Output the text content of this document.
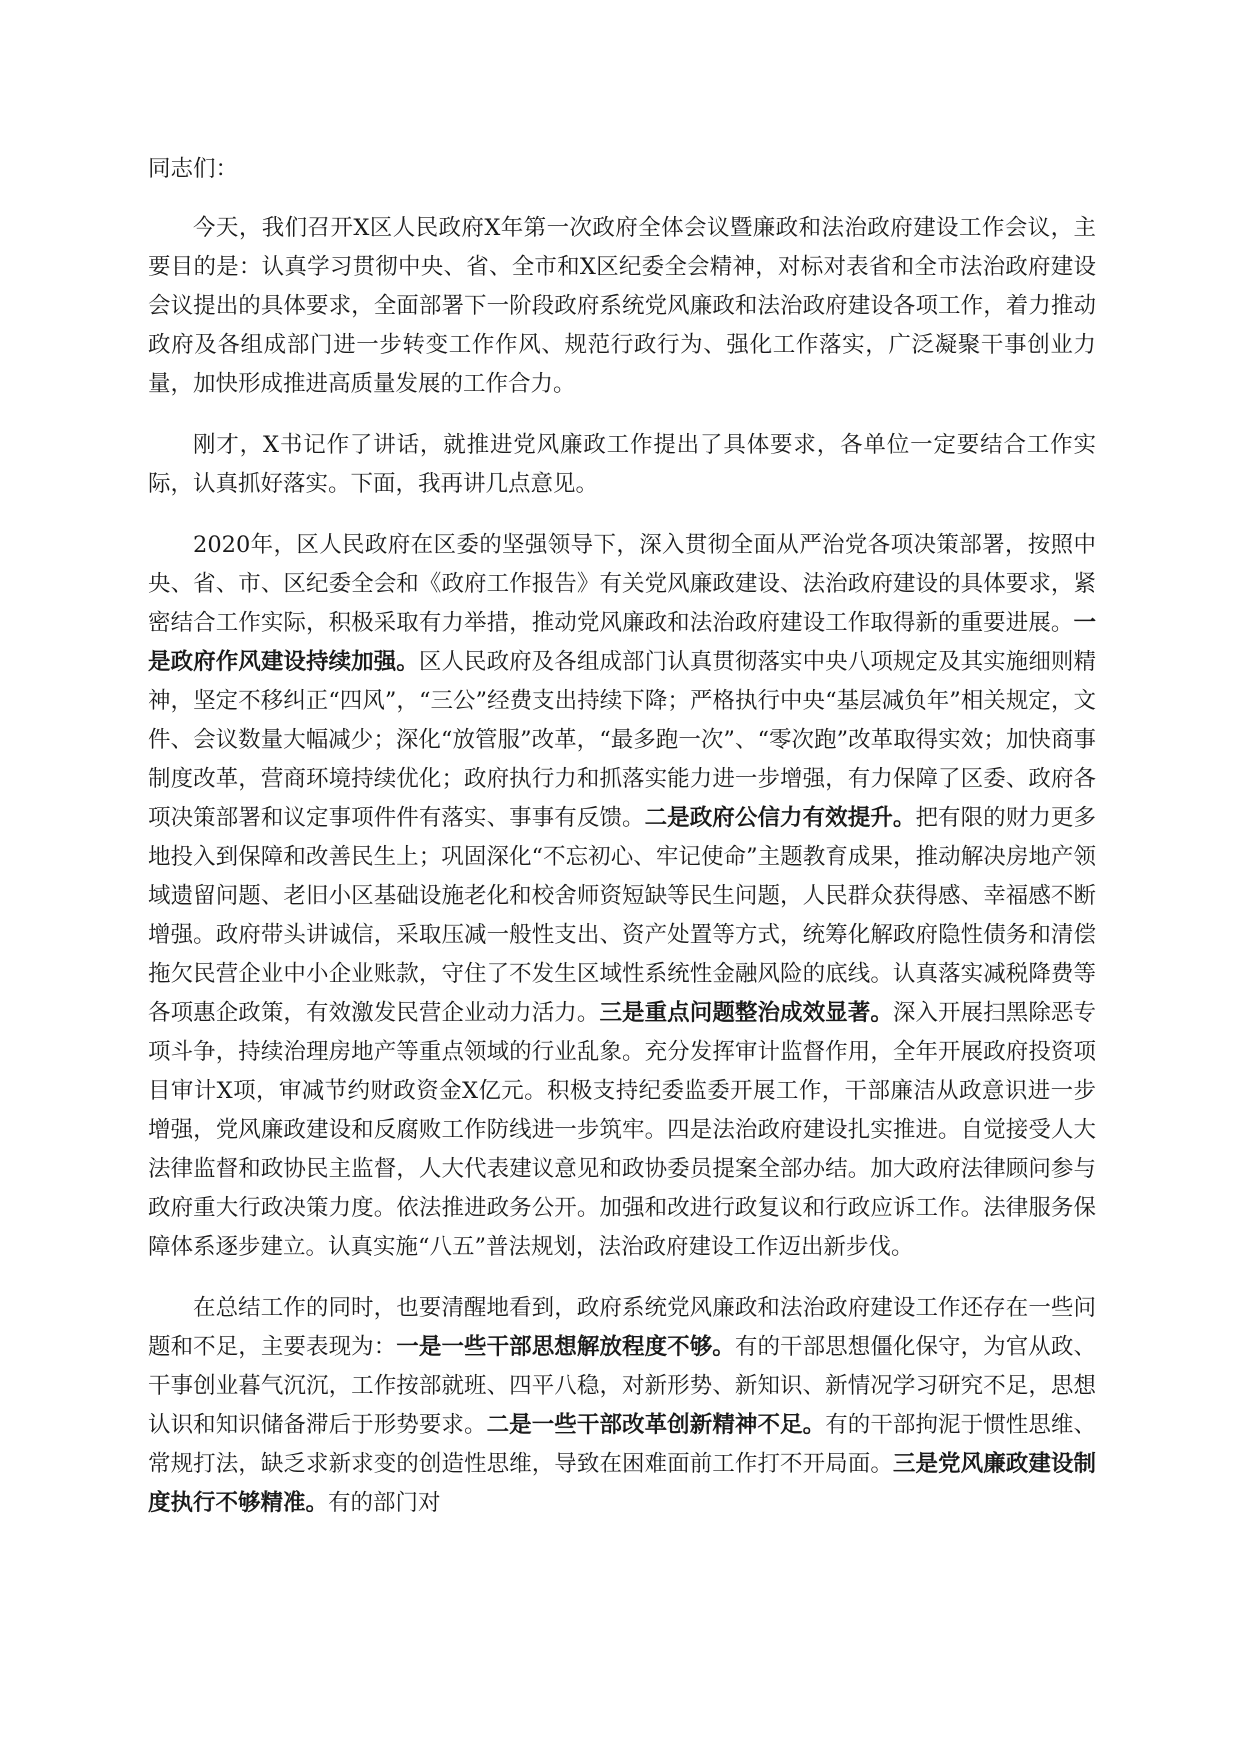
同志们：

今天，我们召开X区人民政府X年第一次政府全体会议暨廉政和法治政府建设工作会议，主要目的是：认真学习贯彻中央、省、全市和X区纪委全会精神，对标对表省和全市法治政府建设会议提出的具体要求，全面部署下一阶段政府系统党风廉政和法治政府建设各项工作，着力推动政府及各组成部门进一步转变工作作风、规范行政行为、强化工作落实，广泛凝聚干事创业力量，加快形成推进高质量发展的工作合力。

刚才，X书记作了讲话，就推进党风廉政工作提出了具体要求，各单位一定要结合工作实际，认真抓好落实。下面，我再讲几点意见。

2020年，区人民政府在区委的坚强领导下，深入贯彻全面从严治党各项决策部署，按照中央、省、市、区纪委全会和《政府工作报告》有关党风廉政建设、法治政府建设的具体要求，紧密结合工作实际，积极采取有力举措，推动党风廉政和法治政府建设工作取得新的重要进展。一是政府作风建设持续加强。区人民政府及各组成部门认真贯彻落实中央八项规定及其实施细则精神，坚定不移纠正“四风”，“三公”经费支出持续下降；严格执行中央“基层减负年”相关规定，文件、会议数量大幅减少；深化“放管服”改革，“最多跑一次”、“零次跑”改革取得实效；加快商事制度改革，营商环境持续优化；政府执行力和抓落实能力进一步增强，有力保障了区委、政府各项决策部署和议定事项件件有落实、事事有反馈。二是政府公信力有效提升。把有限的财力更多地投入到保障和改善民生上；巩固深化“不忘初心、牢记使命”主题教育成果，推动解决房地产领域遗留问题、老旧小区基础设施老化和校舍师资短缺等民生问题，人民群众获得感、幸福感不断增强。政府带头讲诚信，采取压减一般性支出、资产处置等方式，统筹化解政府隐性债务和清偿拖欠民营企业中小企业账款，守住了不发生区域性系统性金融风险的底线。认真落实减税降费等各项惠企政策，有效激发民营企业动力活力。三是重点问题整治成效显著。深入开展扫黑除恶专项斗争，持续治理房地产等重点领域的行业乱象。充分发挥审计监督作用，全年开展政府投资项目审计X项，审减节约财政资金X亿元。积极支持纪委监委开展工作，干部廉洁从政意识进一步增强，党风廉政建设和反腐败工作防线进一步筑牢。四是法治政府建设扎实推进。自觉接受人大法律监督和政协民主监督，人大代表建议意见和政协委员提案全部办结。加大政府法律顾问参与政府重大行政决策力度。依法推进政务公开。加强和改进行政复议和行政应诉工作。法律服务保障体系逐步建立。认真实施“八五”普法规划，法治政府建设工作迈出新步伐。

在总结工作的同时，也要清醒地看到，政府系统党风廉政和法治政府建设工作还存在一些问题和不足，主要表现为：一是一些干部思想解放程度不够。有的干部思想僵化保守，为官从政、干事创业暮气沉沉，工作按部就班、四平八稳，对新形势、新知识、新情况学习研究不足，思想认识和知识储备滞后于形势要求。二是一些干部改革创新精神不足。有的干部拘泥于惯性思维、常规打法，缺乏求新求变的创造性思维，导致在困难面前工作打不开局面。三是党风廉政建设制度执行不够精准。有的部门对
